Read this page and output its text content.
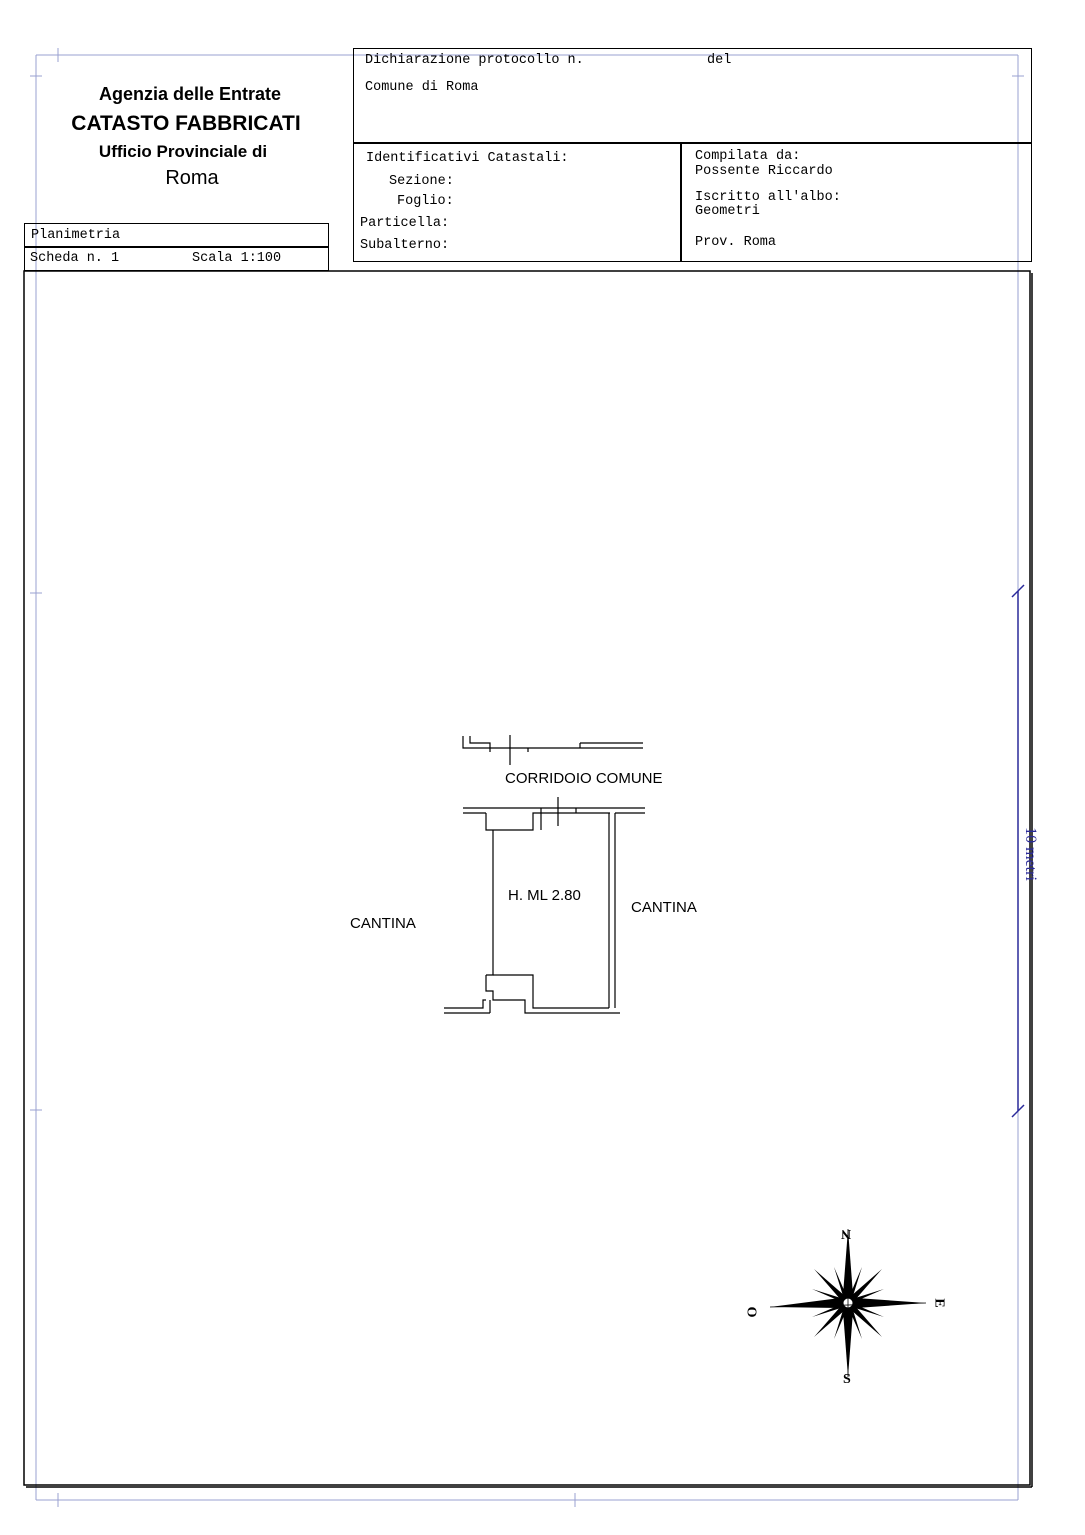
Agenzia delle Entrate
CATASTO FABBRICATI
Ufficio Provinciale di
Roma
Planimetria
Scheda n. 1	Scala 1:100
Dichiarazione protocollo n.	del
Comune di Roma
Identificativi Catastali:
Sezione:
Foglio:
Particella:
Subalterno:
Compilata da:
Possente Riccardo
Iscritto all'albo:
Geometri
Prov. Roma
CORRIDOIO COMUNE
H. ML 2.80
CANTINA
CANTINA
10 metri
N
E
S
O
